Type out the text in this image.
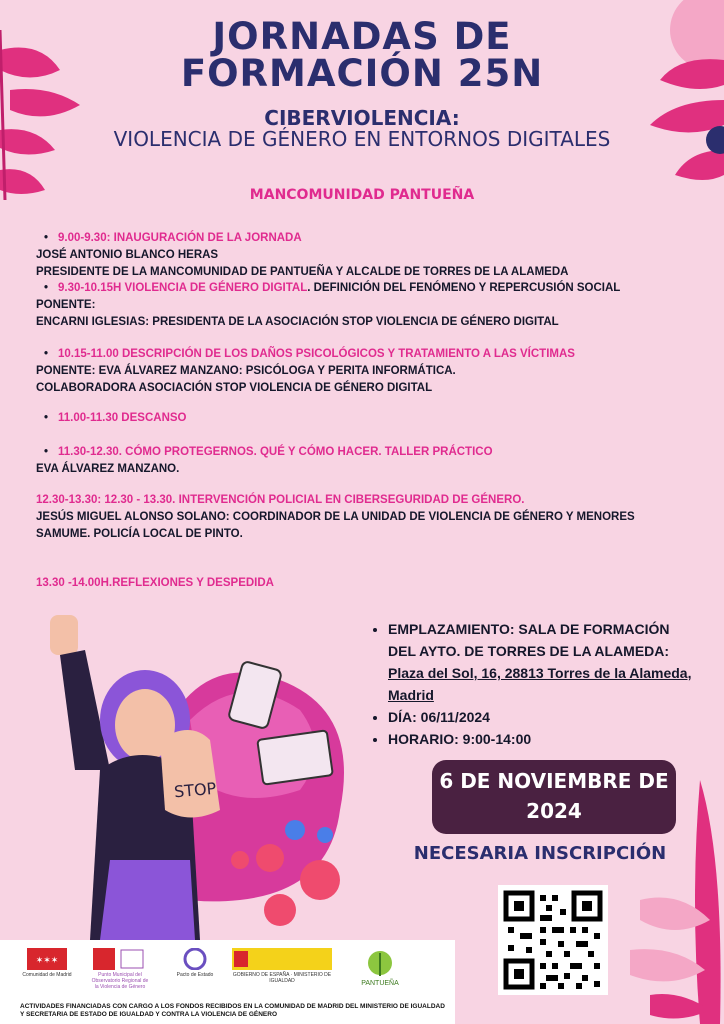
JORNADAS DE
FORMACIÓN 25N
CIBERVIOLENCIA:
VIOLENCIA DE GÉNERO EN ENTORNOS DIGITALES
MANCOMUNIDAD PANTUEÑA
• 9.00-9.30: INAUGURACIÓN DE LA JORNADA
JOSÉ ANTONIO BLANCO HERAS
PRESIDENTE DE LA MANCOMUNIDAD DE PANTUEÑA Y ALCALDE DE TORRES DE LA ALAMEDA
• 9.30-10.15H VIOLENCIA DE GÉNERO DIGITAL. DEFINICIÓN DEL FENÓMENO Y REPERCUSIÓN SOCIAL
PONENTE:
ENCARNI IGLESIAS: PRESIDENTA DE LA ASOCIACIÓN STOP VIOLENCIA DE GÉNERO DIGITAL
• 10.15-11.00 DESCRIPCIÓN DE LOS DAÑOS PSICOLÓGICOS Y TRATAMIENTO A LAS VÍCTIMAS
PONENTE: EVA ÁLVAREZ MANZANO: PSICÓLOGA Y PERITA INFORMÁTICA.
COLABORADORA ASOCIACIÓN STOP VIOLENCIA DE GÉNERO DIGITAL
• 11.00-11.30 DESCANSO
• 11.30-12.30. CÓMO PROTEGERNOS. QUÉ Y CÓMO HACER. TALLER PRÁCTICO
EVA ÁLVAREZ MANZANO.
12.30-13.30: 12.30 - 13.30. INTERVENCIÓN POLICIAL EN CIBERSEGURIDAD DE GÉNERO.
JESÚS MIGUEL ALONSO SOLANO: COORDINADOR DE LA UNIDAD DE VIOLENCIA DE GÉNERO Y MENORES
SAMUME. POLICÍA LOCAL DE PINTO.
13.30 -14.00H.REFLEXIONES Y DESPEDIDA
STOP
• EMPLAZAMIENTO: SALA DE FORMACIÓN DEL AYTO. DE TORRES DE LA ALAMEDA: Plaza del Sol, 16, 28813 Torres de la Alameda, Madrid
• DÍA: 06/11/2024
• HORARIO: 9:00-14:00
6 DE NOVIEMBRE DE 2024
NECESARIA INSCRIPCIÓN
✶✶✶
Comunidad de Madrid	Punto Municipal del Observatorio Regional de la Violencia de Género
Pacto de Estado	GOBIERNO DE ESPAÑA · MINISTERIO DE IGUALDAD	PANTUEÑA
ACTIVIDADES FINANCIADAS CON CARGO A LOS FONDOS RECIBIDOS EN LA COMUNIDAD DE MADRID DEL MINISTERIO DE IGUALDAD Y SECRETARIA DE ESTADO DE IGUALDAD Y CONTRA LA VIOLENCIA DE GÉNERO
